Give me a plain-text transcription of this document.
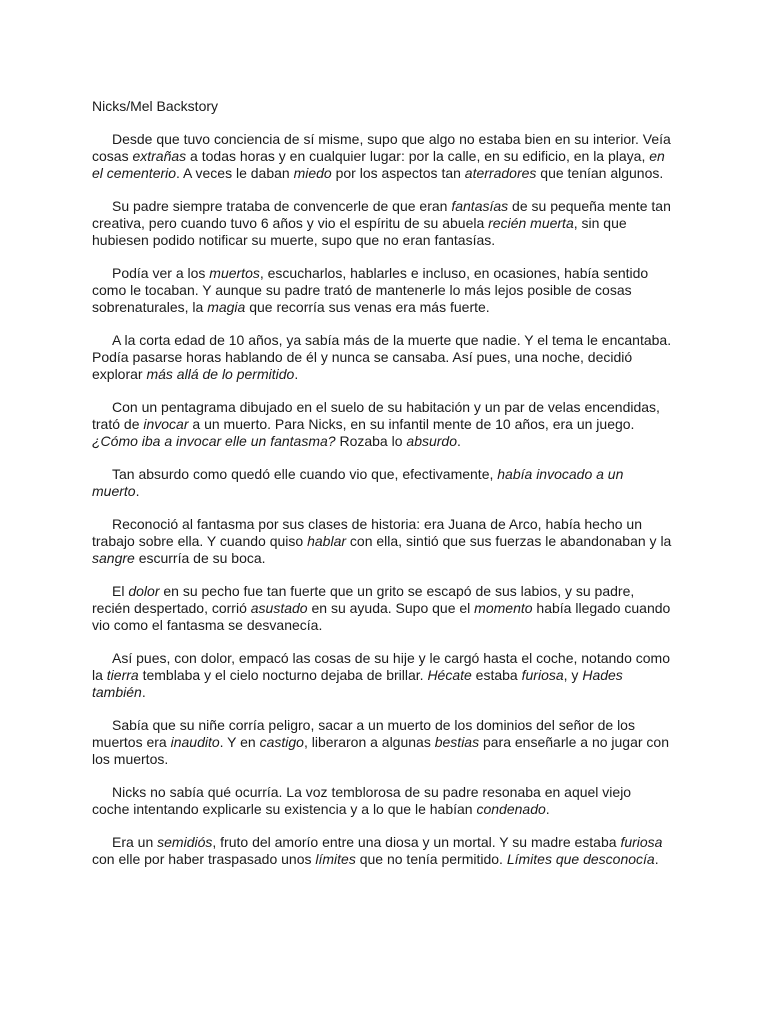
Nicks/Mel Backstory

Desde que tuvo conciencia de sí misme, supo que algo no estaba bien en su interior. Veía cosas extrañas a todas horas y en cualquier lugar: por la calle, en su edificio, en la playa, en el cementerio. A veces le daban miedo por los aspectos tan aterradores que tenían algunos.

Su padre siempre trataba de convencerle de que eran fantasías de su pequeña mente tan creativa, pero cuando tuvo 6 años y vio el espíritu de su abuela recién muerta, sin que hubiesen podido notificar su muerte, supo que no eran fantasías.

Podía ver a los muertos, escucharlos, hablarles e incluso, en ocasiones, había sentido como le tocaban. Y aunque su padre trató de mantenerle lo más lejos posible de cosas sobrenaturales, la magia que recorría sus venas era más fuerte.

A la corta edad de 10 años, ya sabía más de la muerte que nadie. Y el tema le encantaba. Podía pasarse horas hablando de él y nunca se cansaba. Así pues, una noche, decidió explorar más allá de lo permitido.

Con un pentagrama dibujado en el suelo de su habitación y un par de velas encendidas, trató de invocar a un muerto. Para Nicks, en su infantil mente de 10 años, era un juego. ¿Cómo iba a invocar elle un fantasma? Rozaba lo absurdo.

Tan absurdo como quedó elle cuando vio que, efectivamente, había invocado a un muerto.

Reconoció al fantasma por sus clases de historia: era Juana de Arco, había hecho un trabajo sobre ella. Y cuando quiso hablar con ella, sintió que sus fuerzas le abandonaban y la sangre escurría de su boca.

El dolor en su pecho fue tan fuerte que un grito se escapó de sus labios, y su padre, recién despertado, corrió asustado en su ayuda. Supo que el momento había llegado cuando vio como el fantasma se desvanecía.

Así pues, con dolor, empacó las cosas de su hije y le cargó hasta el coche, notando como la tierra temblaba y el cielo nocturno dejaba de brillar. Hécate estaba furiosa, y Hades también.

Sabía que su niñe corría peligro, sacar a un muerto de los dominios del señor de los muertos era inaudito. Y en castigo, liberaron a algunas bestias para enseñarle a no jugar con los muertos.

Nicks no sabía qué ocurría. La voz temblorosa de su padre resonaba en aquel viejo coche intentando explicarle su existencia y a lo que le habían condenado.

Era un semidiós, fruto del amorío entre una diosa y un mortal. Y su madre estaba furiosa con elle por haber traspasado unos límites que no tenía permitido. Límites que desconocía.
